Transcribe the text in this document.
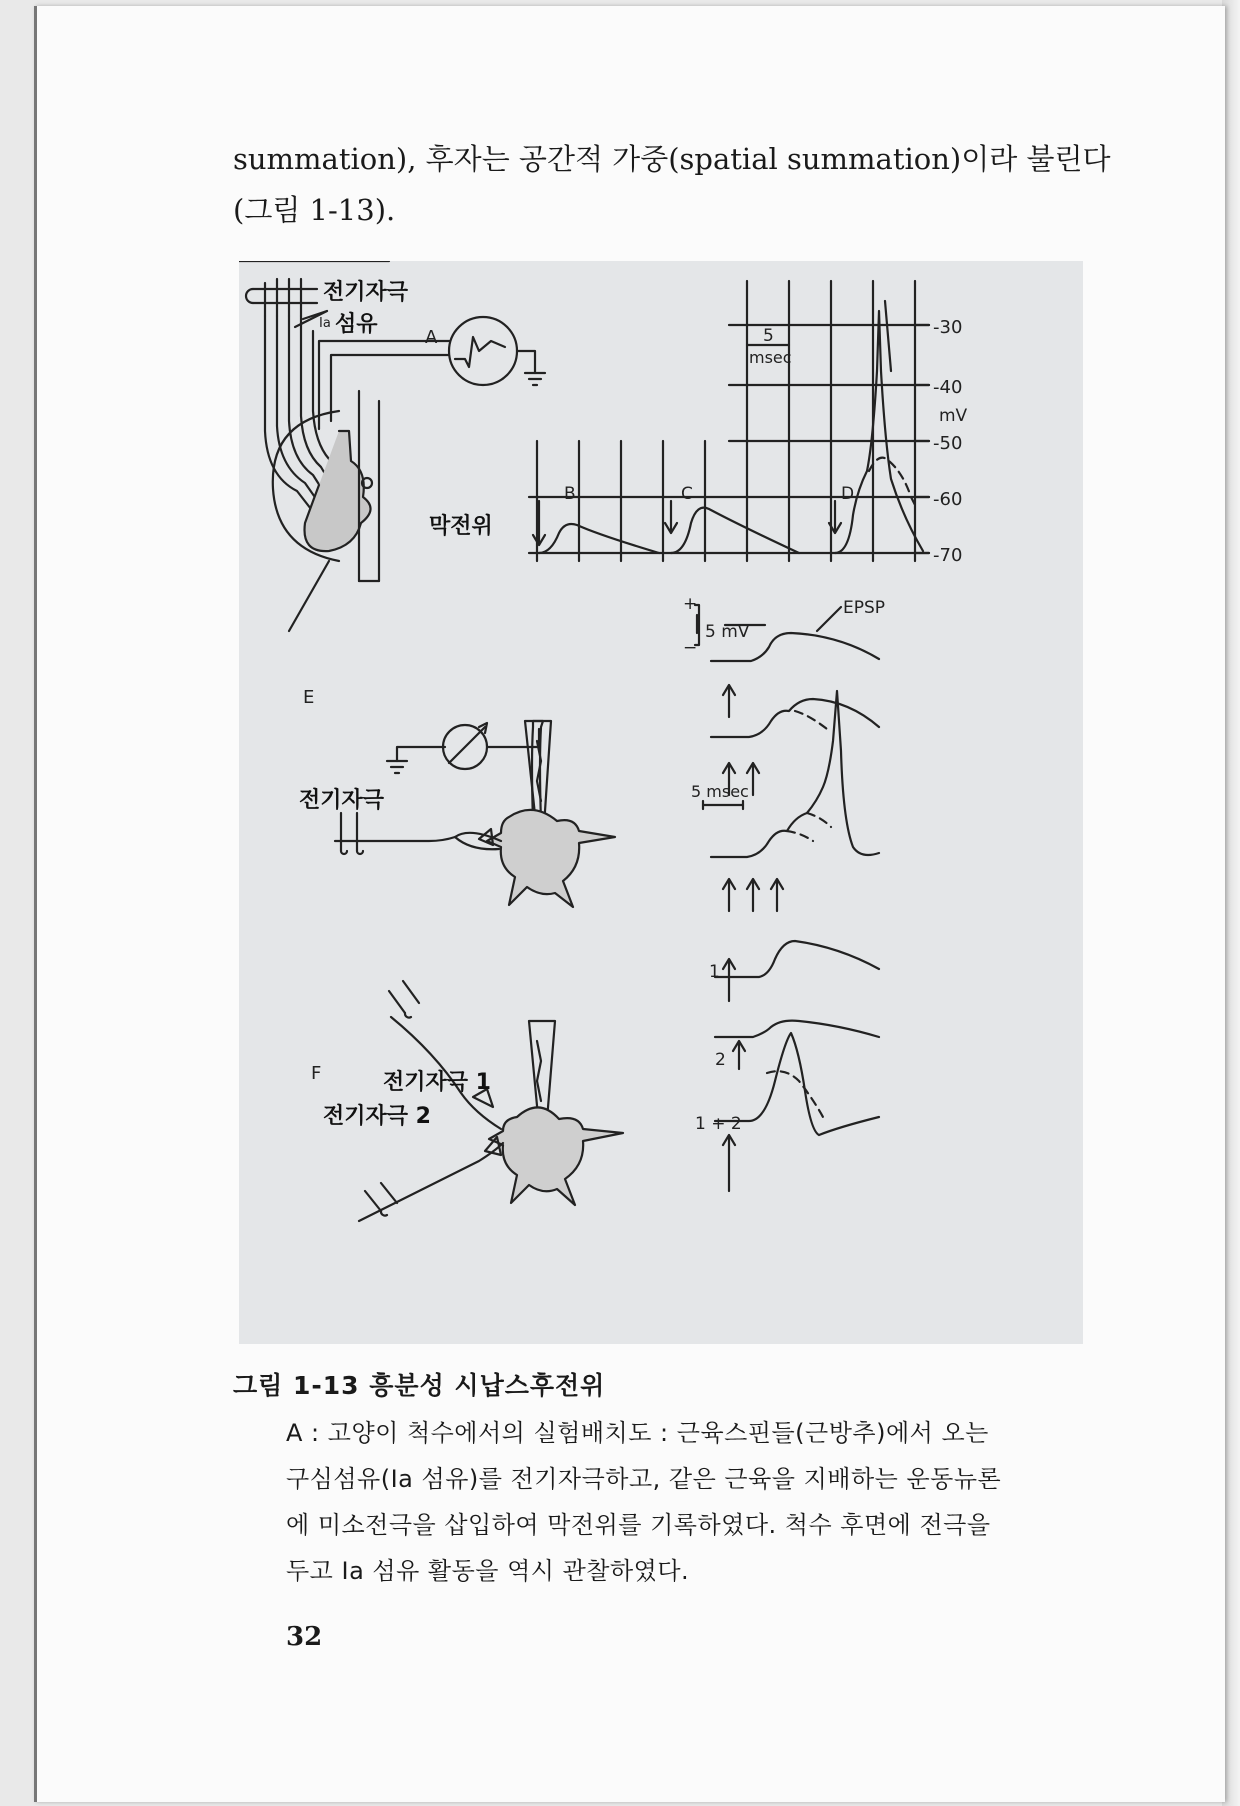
summation), 후자는 공간적 가중(spatial summation)이라 불린다
(그림 1-13).
전기자극
Ia 섬유
A
막전위
B	C	D
5
msec
-30
-40
mV
-50
-60
-70
E
전기자극
+
−
5 mV
EPSP
5 msec
F	전기자극 1
전기자극 2
1
2
1 + 2
그림 1-13 흥분성 시납스후전위
A : 고양이 척수에서의 실험배치도 : 근육스핀들(근방추)에서 오는
구심섬유(Ia 섬유)를 전기자극하고, 같은 근육을 지배하는 운동뉴론
에 미소전극을 삽입하여 막전위를 기록하였다. 척수 후면에 전극을
두고 Ia 섬유 활동을 역시 관찰하였다.
32
